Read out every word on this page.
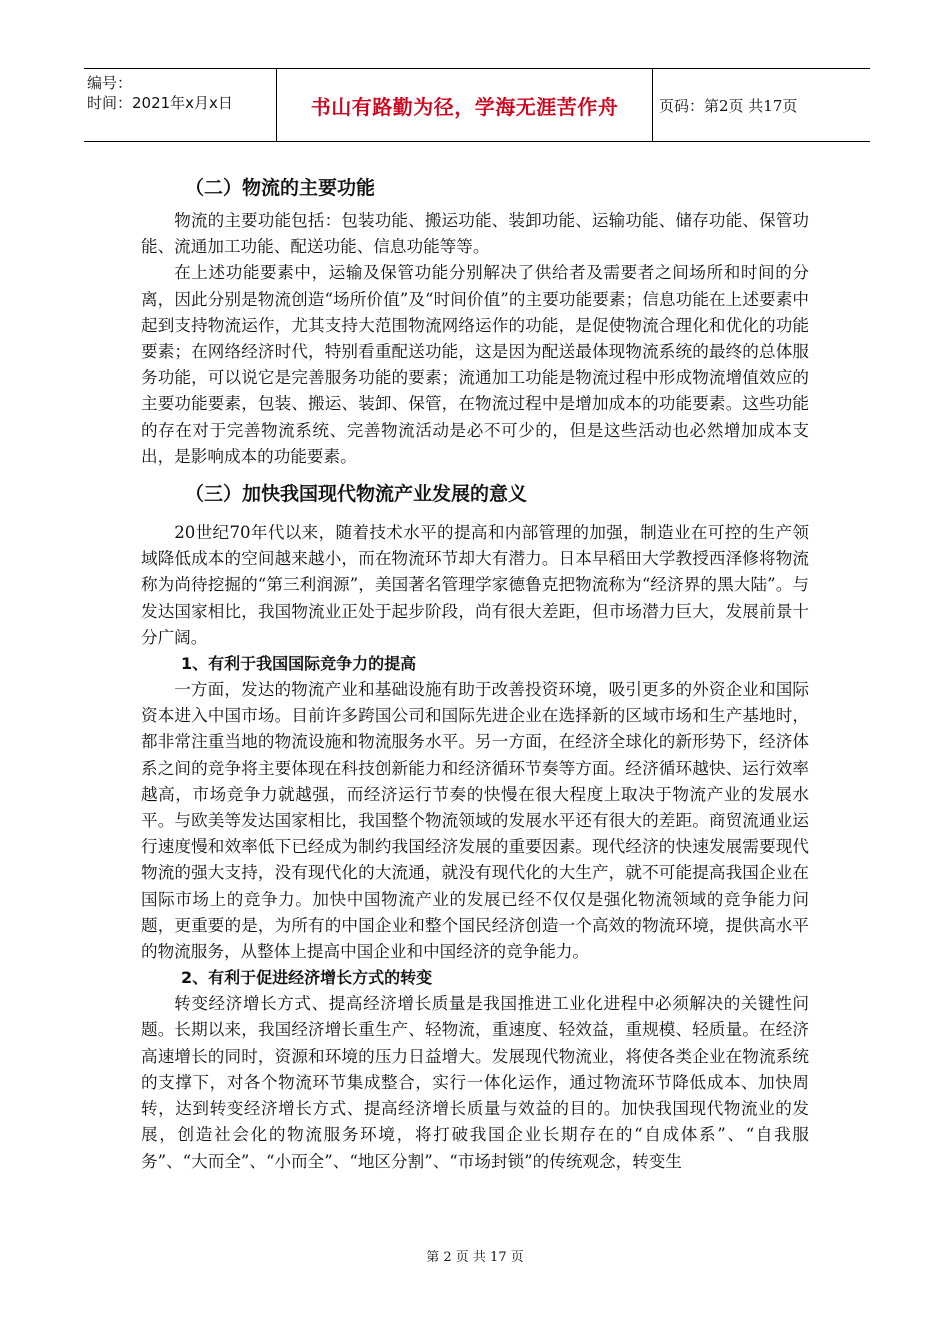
编号：
时间：2021年x月x日	书山有路勤为径，学海无涯苦作舟	页码：第2页 共17页
（二）物流的主要功能

物流的主要功能包括：包装功能、搬运功能、装卸功能、运输功能、储存功能、保管功能、流通加工功能、配送功能、信息功能等等。

在上述功能要素中，运输及保管功能分别解决了供给者及需要者之间场所和时间的分离，因此分别是物流创造“场所价值”及“时间价值”的主要功能要素；信息功能在上述要素中起到支持物流运作，尤其支持大范围物流网络运作的功能，是促使物流合理化和优化的功能要素；在网络经济时代，特别看重配送功能，这是因为配送最体现物流系统的最终的总体服务功能，可以说它是完善服务功能的要素；流通加工功能是物流过程中形成物流增值效应的主要功能要素，包装、搬运、装卸、保管，在物流过程中是增加成本的功能要素。这些功能的存在对于完善物流系统、完善物流活动是必不可少的，但是这些活动也必然增加成本支出，是影响成本的功能要素。

（三）加快我国现代物流产业发展的意义

20世纪70年代以来，随着技术水平的提高和内部管理的加强，制造业在可控的生产领域降低成本的空间越来越小，而在物流环节却大有潜力。日本早稻田大学教授西泽修将物流称为尚待挖掘的“第三利润源”，美国著名管理学家德鲁克把物流称为“经济界的黑大陆”。与发达国家相比，我国物流业正处于起步阶段，尚有很大差距，但市场潜力巨大，发展前景十分广阔。

1、有利于我国国际竞争力的提高

一方面，发达的物流产业和基础设施有助于改善投资环境，吸引更多的外资企业和国际资本进入中国市场。目前许多跨国公司和国际先进企业在选择新的区域市场和生产基地时，都非常注重当地的物流设施和物流服务水平。另一方面，在经济全球化的新形势下，经济体系之间的竞争将主要体现在科技创新能力和经济循环节奏等方面。经济循环越快、运行效率越高，市场竞争力就越强，而经济运行节奏的快慢在很大程度上取决于物流产业的发展水平。与欧美等发达国家相比，我国整个物流领域的发展水平还有很大的差距。商贸流通业运行速度慢和效率低下已经成为制约我国经济发展的重要因素。现代经济的快速发展需要现代物流的强大支持，没有现代化的大流通，就没有现代化的大生产，就不可能提高我国企业在国际市场上的竞争力。加快中国物流产业的发展已经不仅仅是强化物流领域的竞争能力问题，更重要的是，为所有的中国企业和整个国民经济创造一个高效的物流环境，提供高水平的物流服务，从整体上提高中国企业和中国经济的竞争能力。

2、有利于促进经济增长方式的转变

转变经济增长方式、提高经济增长质量是我国推进工业化进程中必须解决的关键性问题。长期以来，我国经济增长重生产、轻物流，重速度、轻效益，重规模、轻质量。在经济高速增长的同时，资源和环境的压力日益增大。发展现代物流业，将使各类企业在物流系统的支撑下，对各个物流环节集成整合，实行一体化运作，通过物流环节降低成本、加快周转，达到转变经济增长方式、提高经济增长质量与效益的目的。加快我国现代物流业的发展，创造社会化的物流服务环境，将打破我国企业长期存在的“自成体系”、“自我服务”、“大而全”、“小而全”、“地区分割”、“市场封锁”的传统观念，转变生

第 2 页 共 17 页
